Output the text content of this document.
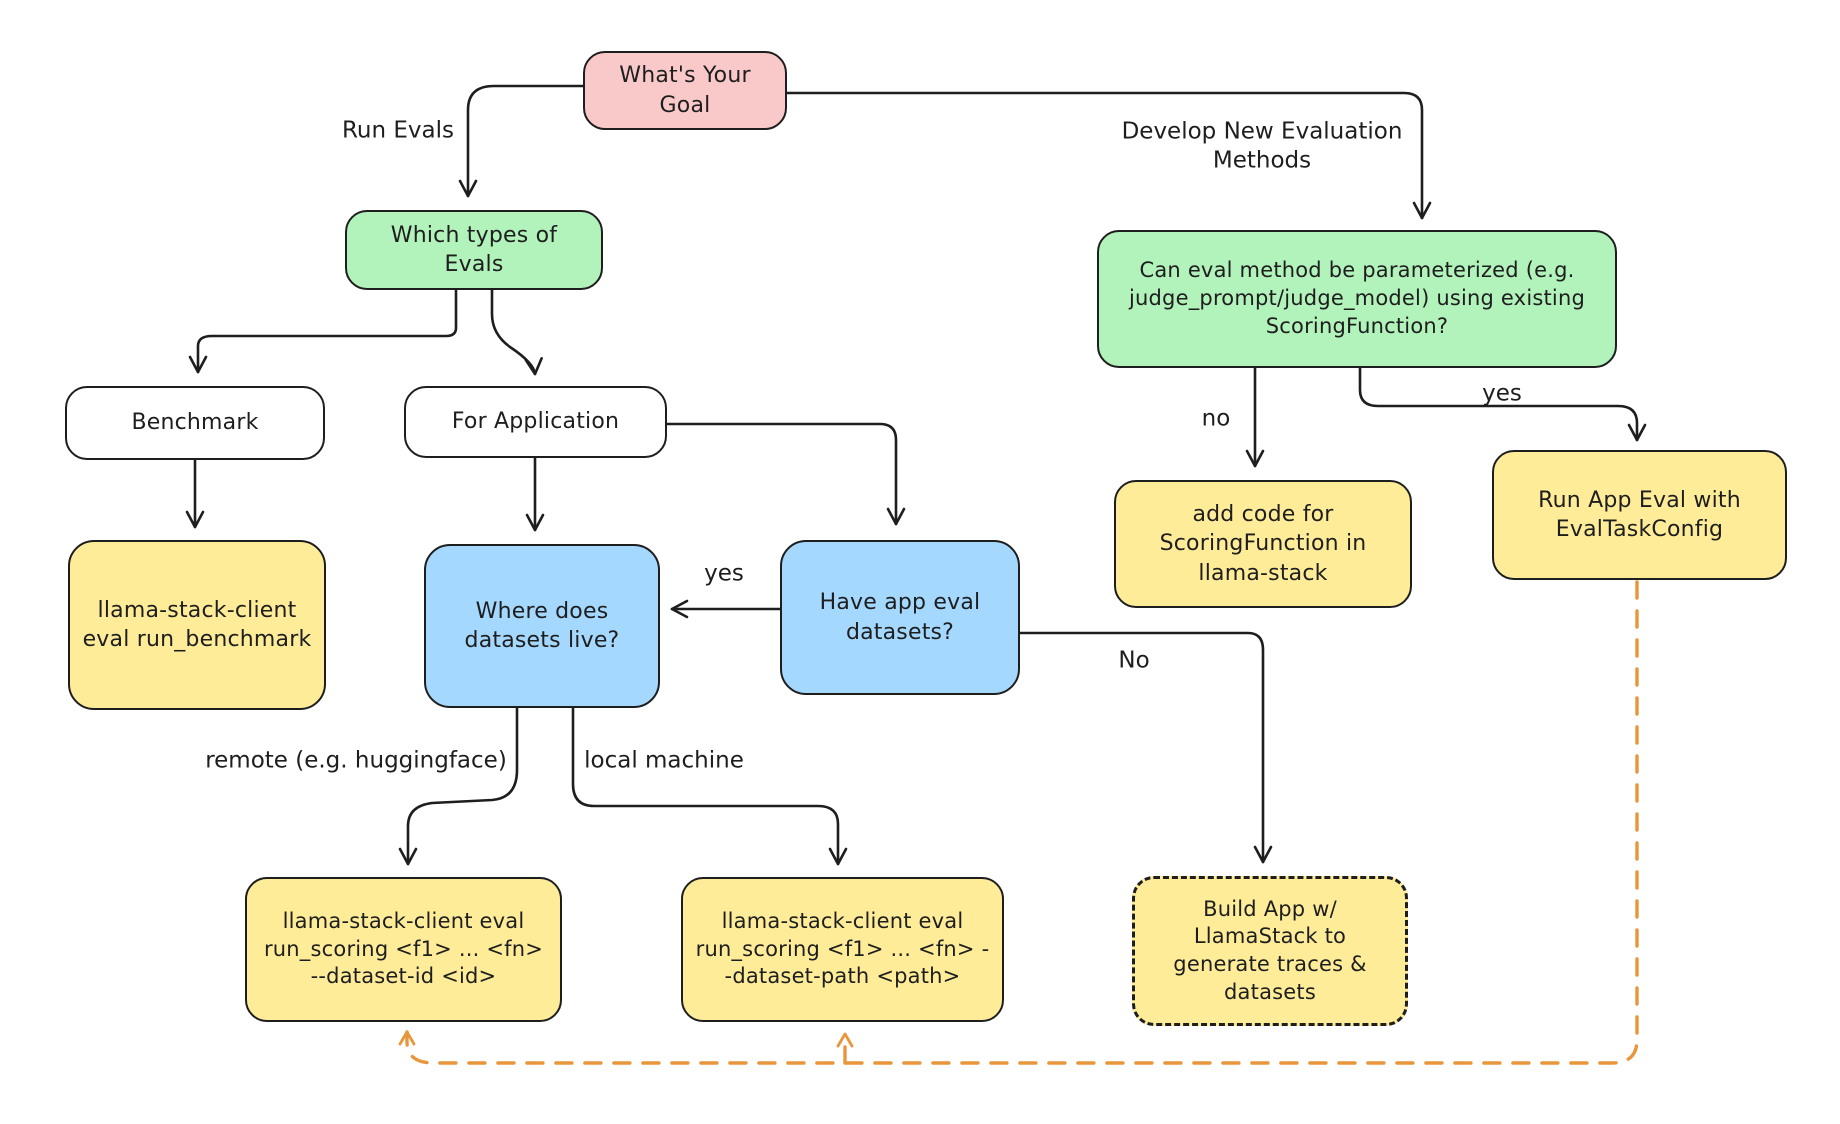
What's Your Goal
Which types of Evals	Can eval method be parameterized (e.g. judge_prompt/judge_model) using existing ScoringFunction?
Benchmark	For Application
llama-stack-client eval run_benchmark
Where does datasets live?
Have app eval datasets?
add code for ScoringFunction in llama-stack
Run App Eval with EvalTaskConfig
llama-stack-client eval run_scoring <f1> ... <fn> --dataset-id <id>
llama-stack-client eval run_scoring <f1> ... <fn> --dataset-path <path>
Build App w/ LlamaStack to generate traces & datasets
Run Evals	Develop New Evaluation Methods
yes
no
yes
No
remote (e.g. huggingface)	local machine
